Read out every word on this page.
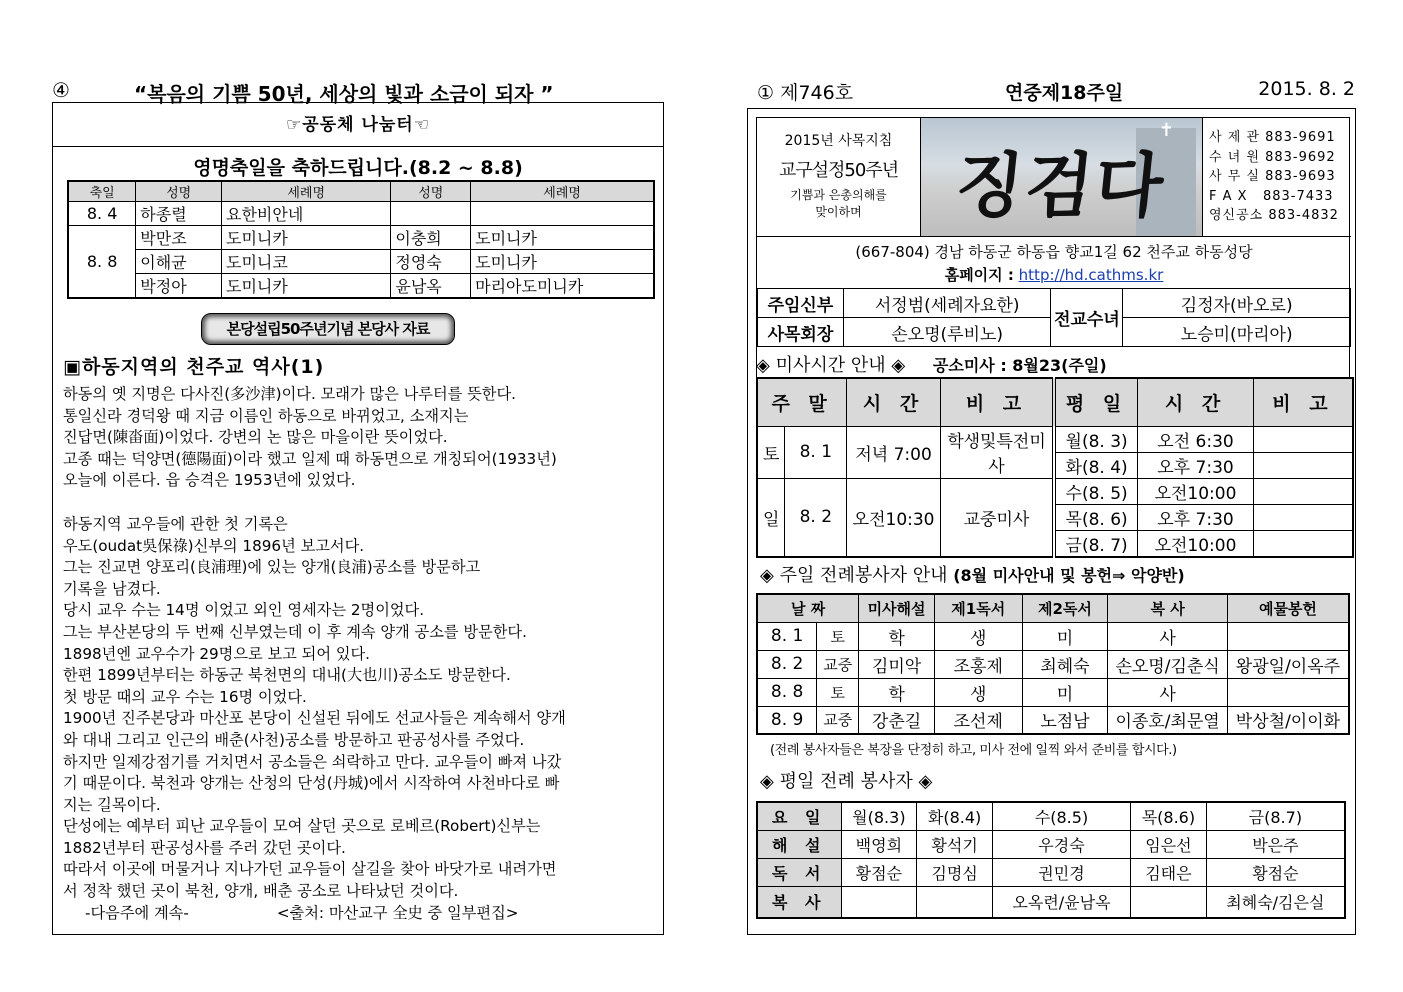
④	“복음의 기쁨 50년, 세상의 빛과 소금이 되자 ”
☞공동체 나눔터☜
영명축일을 축하드립니다.(8.2 ~ 8.8)
축일	성명	세례명	성명	세례명
8. 4	하종렬	요한비안네		
8. 8	박만조	도미니카	이충희	도미니카
	이해균	도미니코	정영숙	도미니카
	박정아	도미니카	윤남옥	마리아도미니카
본당설립50주년기념 본당사 자료
▣하동지역의 천주교 역사(1)

하동의 옛 지명은 다사진(多沙津)이다. 모래가 많은 나루터를 뜻한다.
통일신라 경덕왕 때 지금 이름인 하동으로 바뀌었고, 소재지는
진답면(陳畓面)이었다. 강변의 논 많은 마을이란 뜻이었다.
고종 때는 덕양면(德陽面)이라 했고 일제 때 하동면으로 개칭되어(1933년)
오늘에 이른다. 읍 승격은 1953년에 있었다.

하동지역 교우들에 관한 첫 기록은
우도(oudat吳保祿)신부의 1896년 보고서다.
그는 진교면 양포리(良浦理)에 있는 양개(良浦)공소를 방문하고
기록을 남겼다.
당시 교우 수는 14명 이었고 외인 영세자는 2명이었다.
그는 부산본당의 두 번째 신부였는데 이 후 계속 양개 공소를 방문한다.
1898년엔 교우수가 29명으로 보고 되어 있다.
한편 1899년부터는 하동군 북천면의 대내(大也川)공소도 방문한다.
첫 방문 때의 교우 수는 16명 이었다.
1900년 진주본당과 마산포 본당이 신설된 뒤에도 선교사들은 계속해서 양개
와 대내 그리고 인근의 배춘(사천)공소를 방문하고 판공성사를 주었다.
하지만 일제강점기를 거치면서 공소들은 쇠락하고 만다. 교우들이 빠져 나갔
기 때문이다. 북천과 양개는 산청의 단성(丹城)에서 시작하여 사천바다로 빠
지는 길목이다.
단성에는 예부터 피난 교우들이 모여 살던 곳으로 로베르(Robert)신부는
1882년부터 판공성사를 주러 갔던 곳이다.
따라서 이곳에 머물거나 지나가던 교우들이 살길을 찾아 바닷가로 내려가면
서 정착 했던 곳이 북천, 양개, 배춘 공소로 나타났던 것이다.

-다음주에 계속-	<출처: 마산교구 全史 중 일부편집>
① 제746호	연중제18주일	2015. 8. 2
2015년 사목지침
교구설정50주년
기쁨과 은총의해를
맞이하며
✝
징검다리
사 제 관 883-9691
수 녀 원 883-9692
사 무 실 883-9693
F A X   883-7433
영신공소 883-4832
(667-804) 경남 하동군 하동읍 향교1길 62 천주교 하동성당
홈페이지 : http://hd.cathms.kr
주임신부	서정범(세례자요한)	전교수녀	김정자(바오로)
사목회장	손오명(루비노)		노승미(마리아)
◈ 미사시간 안내 ◈ 공소미사 : 8월23(주일)
주 말		시 간	비 고	평 일	시 간	비 고
토	8. 1	저녁 7:00	학생및특전미사	월(8. 3)	오전 6:30	
				화(8. 4)	오후 7:30	
일	8. 2	오전10:30	교중미사	수(8. 5)	오전10:00	
				목(8. 6)	오후 7:30	
				금(8. 7)	오전10:00	
◈ 주일 전례봉사자 안내 (8월 미사안내 및 봉헌⇒ 악양반)
날 짜		미사해설	제1독서	제2독서	복 사	예물봉헌
8. 1	토	학	생	미	사	
8. 2	교중	김미악	조홍제	최혜숙	손오명/김춘식	왕광일/이옥주
8. 8	토	학	생	미	사	
8. 9	교중	강춘길	조선제	노점남	이종호/최문열	박상철/이이화
(전례 봉사자들은 복장을 단정히 하고, 미사 전에 일찍 와서 준비를 합시다.)
◈ 평일 전례 봉사자 ◈
요 일	월(8.3)	화(8.4)	수(8.5)	목(8.6)	금(8.7)
해 설	백영희	황석기	우경숙	임은선	박은주
독 서	황점순	김명심	권민경	김태은	황점순
복 사			오옥련/윤남옥		최혜숙/김은실
